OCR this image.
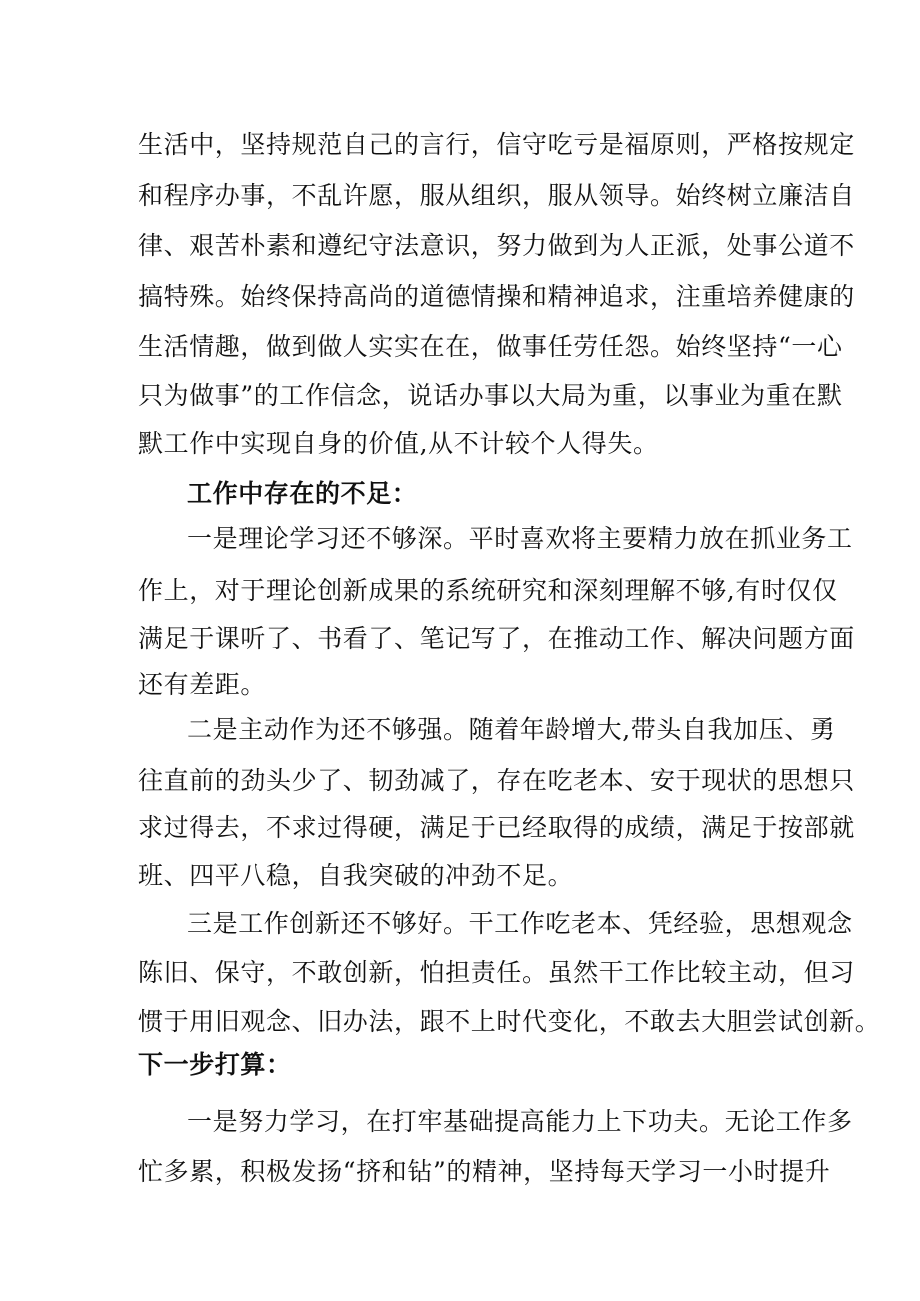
生活中，坚持规范自己的言行，信守吃亏是福原则，严格按规定
和程序办事，不乱许愿，服从组织，服从领导。始终树立廉洁自
律、艰苦朴素和遵纪守法意识，努力做到为人正派，处事公道不
搞特殊。始终保持高尚的道德情操和精神追求，注重培养健康的
生活情趣，做到做人实实在在，做事任劳任怨。始终坚持“一心
只为做事”的工作信念，说话办事以大局为重，以事业为重在默
默工作中实现自身的价值,从不计较个人得失。
工作中存在的不足：
一是理论学习还不够深。平时喜欢将主要精力放在抓业务工
作上，对于理论创新成果的系统研究和深刻理解不够,有时仅仅
满足于课听了、书看了、笔记写了，在推动工作、解决问题方面
还有差距。
二是主动作为还不够强。随着年龄增大,带头自我加压、勇
往直前的劲头少了、韧劲减了，存在吃老本、安于现状的思想只
求过得去，不求过得硬，满足于已经取得的成绩，满足于按部就
班、四平八稳，自我突破的冲劲不足。
三是工作创新还不够好。干工作吃老本、凭经验，思想观念
陈旧、保守，不敢创新，怕担责任。虽然干工作比较主动，但习
惯于用旧观念、旧办法，跟不上时代变化，不敢去大胆尝试创新。
下一步打算：
一是努力学习，在打牢基础提高能力上下功夫。无论工作多
忙多累，积极发扬“挤和钻”的精神，坚持每天学习一小时提升
